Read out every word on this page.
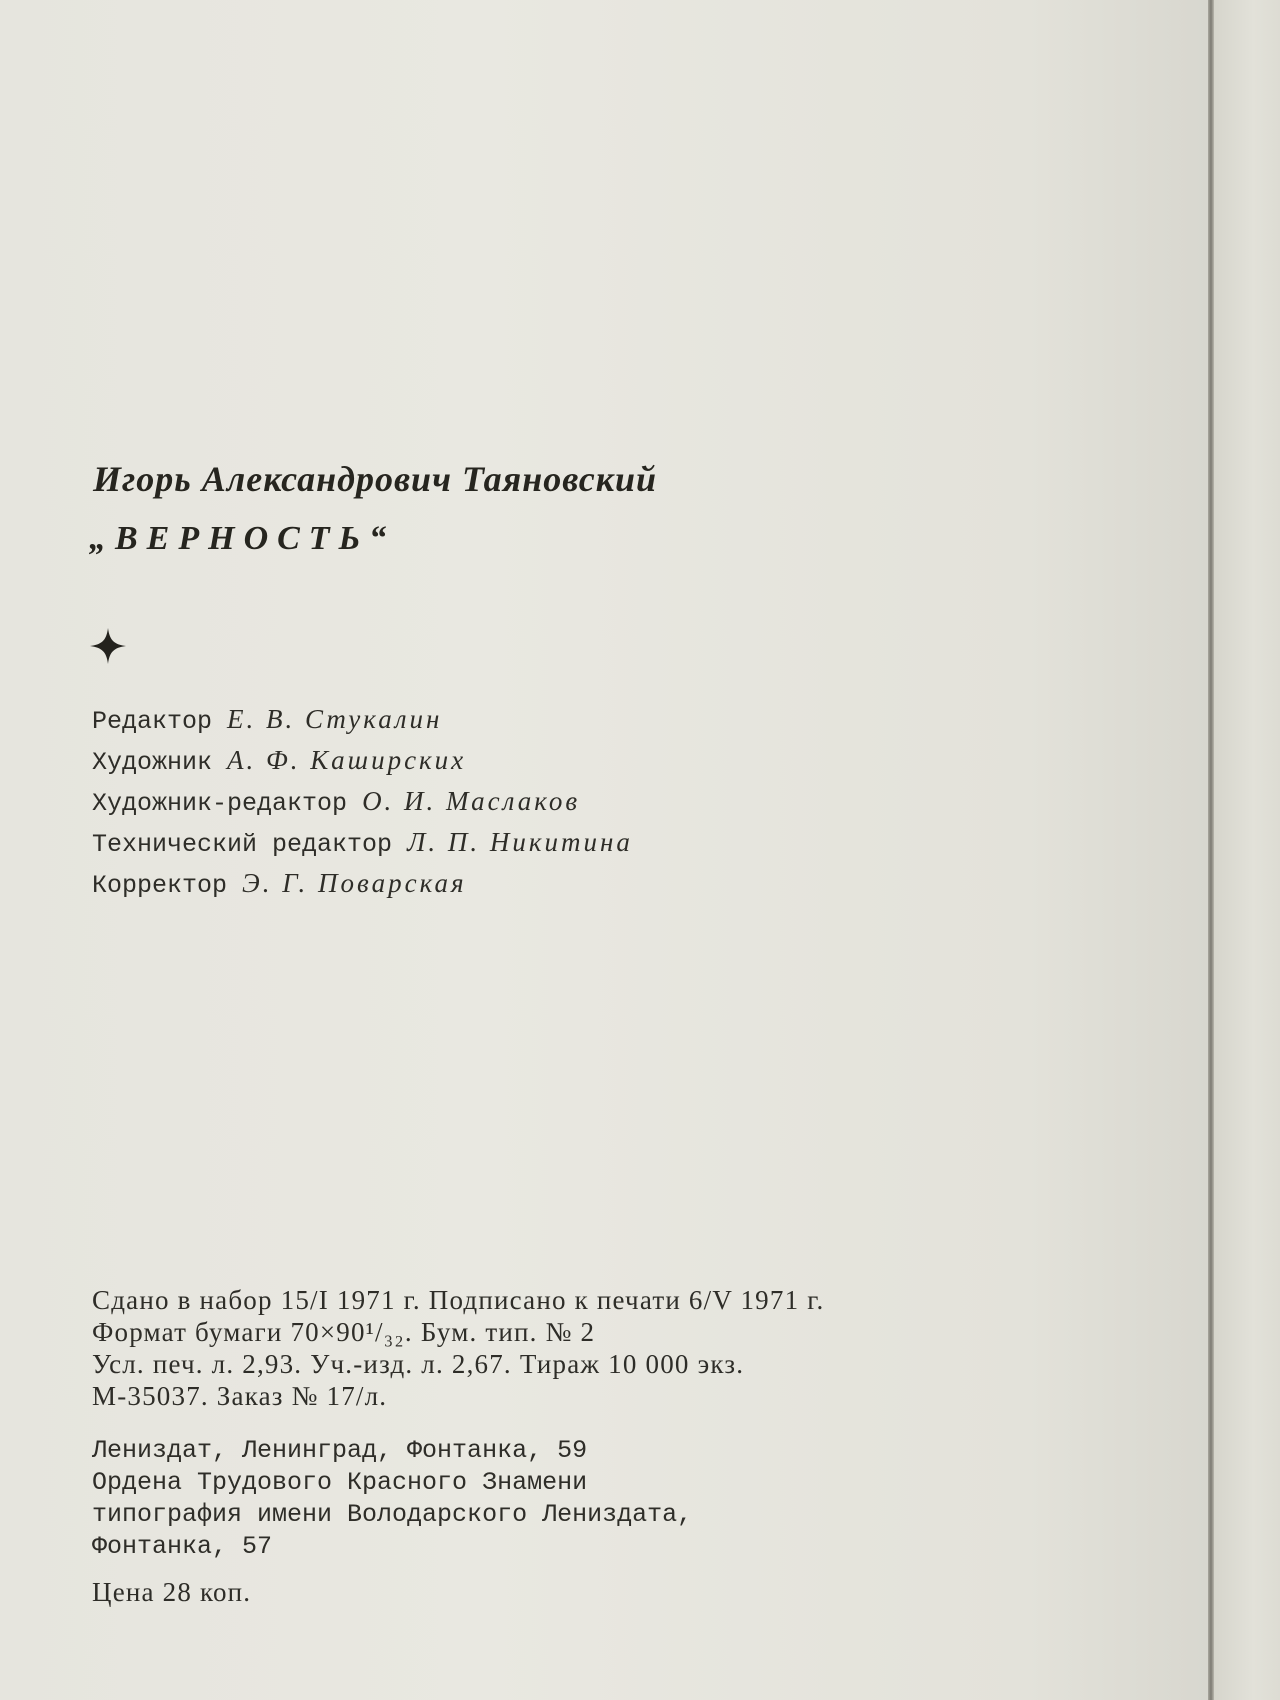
Игорь Александрович Таяновский
„ВЕРНОСТЬ“
Редактор Е. В. Стукалин
Художник А. Ф. Каширских
Художник-редактор О. И. Маслаков
Технический редактор Л. П. Никитина
Корректор Э. Г. Поварская
Сдано в набор 15/I 1971 г. Подписано к печати 6/V 1971 г.
Формат бумаги 70×90¹/₃₂. Бум. тип. № 2
Усл. печ. л. 2,93. Уч.-изд. л. 2,67. Тираж 10 000 экз.
М-35037. Заказ № 17/л.
Лениздат, Ленинград, Фонтанка, 59
Ордена Трудового Красного Знамени
типография имени Володарского Лениздата,
Фонтанка, 57
Цена 28 коп.
